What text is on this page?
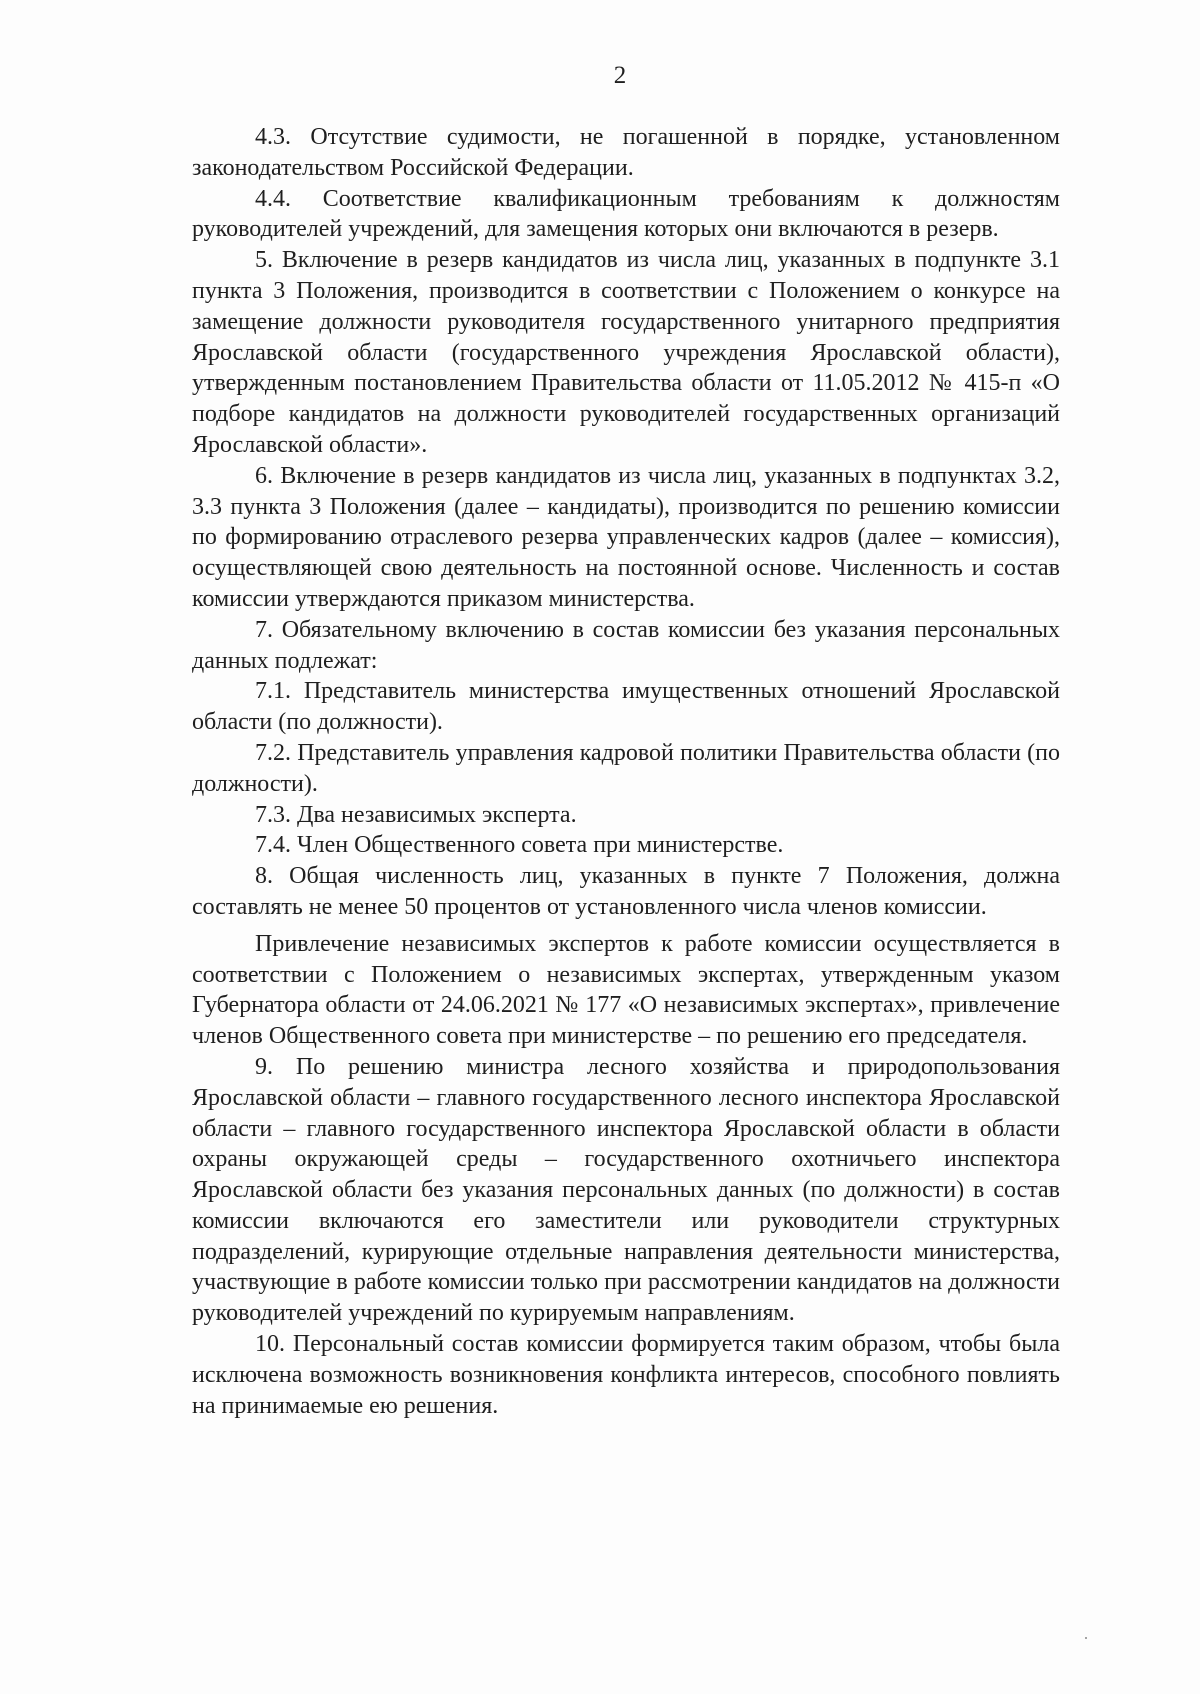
2

4.3. Отсутствие судимости, не погашенной в порядке, установленном законодательством Российской Федерации.

4.4. Соответствие квалификационным требованиям к должностям руководителей учреждений, для замещения которых они включаются в резерв.

5. Включение в резерв кандидатов из числа лиц, указанных в подпункте 3.1 пункта 3 Положения, производится в соответствии с Положением о конкурсе на замещение должности руководителя государственного унитарного предприятия Ярославской области (государственного учреждения Ярославской области), утвержденным постановлением Правительства области от 11.05.2012 № 415-п «О подборе кандидатов на должности руководителей государственных организаций Ярославской области».

6. Включение в резерв кандидатов из числа лиц, указанных в подпунктах 3.2, 3.3 пункта 3 Положения (далее – кандидаты), производится по решению комиссии по формированию отраслевого резерва управленческих кадров (далее – комиссия), осуществляющей свою деятельность на постоянной основе. Численность и состав комиссии утверждаются приказом министерства.

7. Обязательному включению в состав комиссии без указания персональных данных подлежат:

7.1. Представитель министерства имущественных отношений Ярославской области (по должности).

7.2. Представитель управления кадровой политики Правительства области (по должности).

7.3. Два независимых эксперта.

7.4. Член Общественного совета при министерстве.

8. Общая численность лиц, указанных в пункте 7 Положения, должна составлять не менее 50 процентов от установленного числа членов комиссии.

Привлечение независимых экспертов к работе комиссии осуществляется в соответствии с Положением о независимых экспертах, утвержденным указом Губернатора области от 24.06.2021 № 177 «О независимых экспертах», привлечение членов Общественного совета при министерстве – по решению его председателя.

9. По решению министра лесного хозяйства и природопользования Ярославской области – главного государственного лесного инспектора Ярославской области – главного государственного инспектора Ярославской области в области охраны окружающей среды – государственного охотничьего инспектора Ярославской области без указания персональных данных (по должности) в состав комиссии включаются его заместители или руководители структурных подразделений, курирующие отдельные направления деятельности министерства, участвующие в работе комиссии только при рассмотрении кандидатов на должности руководителей учреждений по курируемым направлениям.

10. Персональный состав комиссии формируется таким образом, чтобы была исключена возможность возникновения конфликта интересов, способного повлиять на принимаемые ею решения.
